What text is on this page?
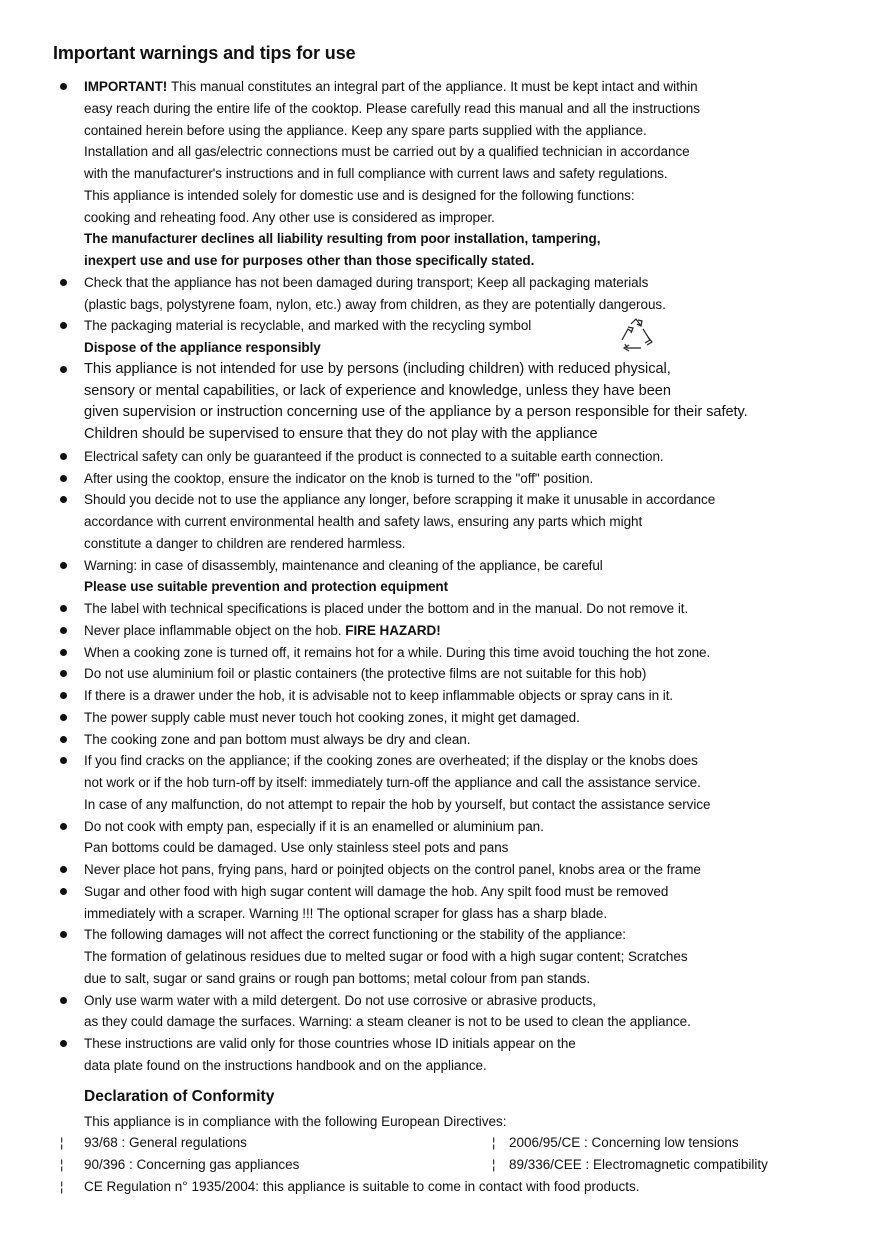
Important warnings and tips for use
IMPORTANT! This manual constitutes an integral part of the appliance. It must be kept intact and within
easy reach during the entire life of the cooktop. Please carefully read this manual and all the instructions
contained herein before using the appliance. Keep any spare parts supplied with the appliance.
Installation and all gas/electric connections must be carried out by a qualified technician in accordance
with the manufacturer's instructions and in full compliance with current laws and safety regulations.
This appliance is intended solely for domestic use and is designed for the following functions:
cooking and reheating food. Any other use is considered as improper.
The manufacturer declines all liability resulting from poor installation, tampering,
inexpert use and use for purposes other than those specifically stated.
Check that the appliance has not been damaged during transport; Keep all packaging materials
(plastic bags, polystyrene foam, nylon, etc.) away from children, as they are potentially dangerous.
The packaging material is recyclable, and marked with the recycling symbol
Dispose of the appliance responsibly
This appliance is not intended for use by persons (including children) with reduced physical,
sensory or mental capabilities, or lack of experience and knowledge, unless they have been
given supervision or instruction concerning use of the appliance by a person responsible for their safety.
Children should be supervised to ensure that they do not play with the appliance
Electrical safety can only be guaranteed if the product is connected to a suitable earth connection.
After using the cooktop, ensure the indicator on the knob is turned to the "off" position.
Should you decide not to use the appliance any longer, before scrapping it make it unusable in accordance
accordance with current environmental health and safety laws, ensuring any parts which might
constitute a danger to children are rendered harmless.
Warning: in case of disassembly, maintenance and cleaning of the appliance, be careful
Please use suitable prevention and protection equipment
The label with technical specifications is placed under the bottom and in the manual. Do not remove it.
Never place inflammable object on the hob. FIRE HAZARD!
When a cooking zone is turned off, it remains hot for a while. During this time avoid touching the hot zone.
Do not use aluminium foil or plastic containers (the protective films are not suitable for this hob)
If there is a drawer under the hob, it is advisable not to keep inflammable objects or spray cans in it.
The power supply cable must never touch hot cooking zones, it might get damaged.
The cooking zone and pan bottom must always be dry and clean.
If you find cracks on the appliance; if the cooking zones are overheated; if the display or the knobs does
not work or if the hob turn-off by itself: immediately turn-off the appliance and call the assistance service.
In case of any malfunction, do not attempt to repair the hob by yourself, but contact the assistance service
Do not cook with empty pan, especially if it is an enamelled or aluminium pan.
Pan bottoms could be damaged. Use only stainless steel pots and pans
Never place hot pans, frying pans, hard or poinjted objects on the control panel, knobs area or the frame
Sugar and other food with high sugar content will damage the hob. Any spilt food must be removed
immediately with a scraper. Warning !!! The optional scraper for glass has a sharp blade.
The following damages will not affect the correct functioning or the stability of the appliance:
The formation of gelatinous residues due to melted sugar or food with a high sugar content; Scratches
due to salt, sugar or sand grains or rough pan bottoms; metal colour from pan stands.
Only use warm water with a mild detergent. Do not use corrosive or abrasive products,
as they could damage the surfaces. Warning: a steam cleaner is not to be used to clean the appliance.
These instructions are valid only for those countries whose ID initials appear on the
data plate found on the instructions handbook and on the appliance.
Declaration of Conformity
This appliance is in compliance with the following European Directives:
¦ 93/68 : General regulations	¦ 2006/95/CE : Concerning low tensions
¦ 90/396 : Concerning gas appliances	¦ 89/336/CEE : Electromagnetic compatibility
¦ CE Regulation n° 1935/2004: this appliance is suitable to come in contact with food products.
